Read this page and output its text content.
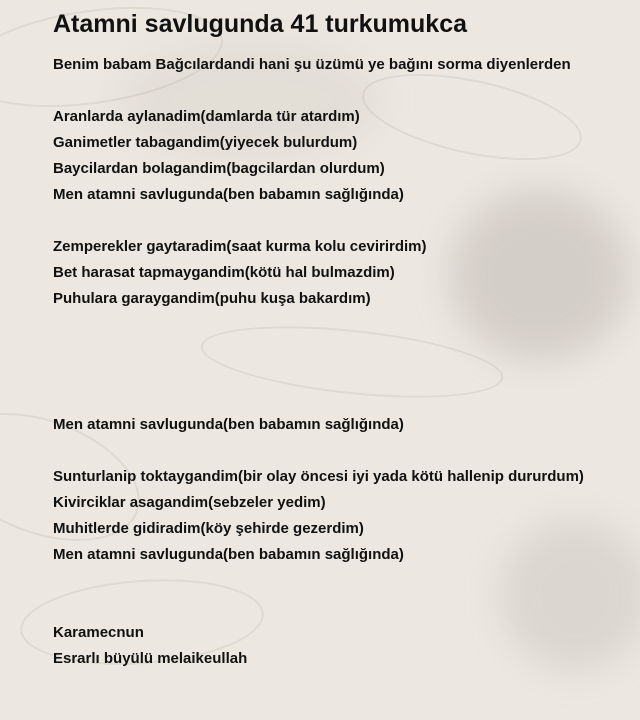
Atamni savlugunda 41 turkumukca
Benim babam Bağcılardandi hani şu üzümü ye bağını sorma diyenlerden
Aranlarda aylanadim(damlarda tür atardım)
Ganimetler tabagandim(yiyecek bulurdum)
Baycilardan bolagandim(bagcilardan olurdum)
Men atamni savlugunda(ben babamın sağlığında)
Zemperekler gaytaradim(saat kurma kolu cevirirdim)
Bet harasat tapmaygandim(kötü hal bulmazdim)
Puhulara garaygandim(puhu kuşa bakardım)
Men atamni savlugunda(ben babamın sağlığında)
Sunturlanip toktaygandim(bir olay öncesi iyi yada kötü hallenip dururdum)
Kivirciklar asagandim(sebzeler yedim)
Muhitlerde gidiradim(köy şehirde gezerdim)
Men atamni savlugunda(ben babamın sağlığında)
Karamecnun
Esrarlı büyülü melaikeullah
